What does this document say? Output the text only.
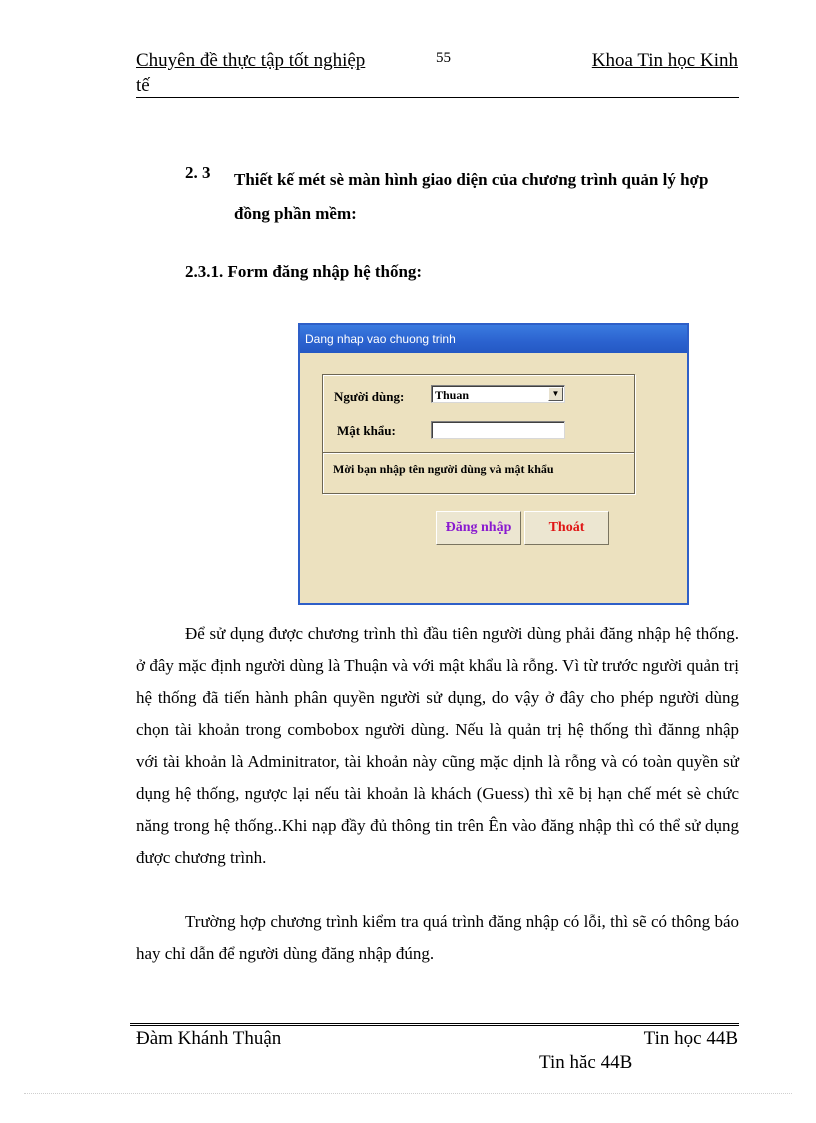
Chuyên đề thực tập tốt nghiệp	55	Khoa Tin học Kinh
tế
2. 3 Thiết kế mét sè màn hình giao diện của chương trình quản lý hợp đồng phần mềm:
2.3.1. Form đăng nhập hệ thống:
Dang nhap vao chuong trinh
Người dùng:	Thuan	▼
Mật khẩu:
Mời bạn nhập tên người dùng và mật khẩu
Đăng nhập	Thoát
Để sử dụng được chương trình thì đầu tiên người dùng phải đăng nhập hệ thống. ở đây mặc định người dùng là Thuận và với mật khẩu là rỗng. Vì từ trước người quản trị hệ thống đã tiến hành phân quyền người sử dụng, do vậy ở đây cho phép người dùng chọn tài khoản trong combobox người dùng. Nếu là quản trị hệ thống thì đănng nhập với tài khoản là Adminitrator, tài khoản này cũng mặc dịnh là rỗng và có toàn quyền sử dụng hệ thống, ngược lại nếu tài khoản là khách (Guess) thì xẽ bị hạn chế mét sè chức năng trong hệ thống..Khi nạp đầy đủ thông tin trên Ên vào đăng nhập thì có thể sử dụng được chương trình.
Trường hợp chương trình kiểm tra quá trình đăng nhập có lỗi, thì sẽ có thông báo hay chỉ dẫn để người dùng đăng nhập đúng.
Đàm Khánh Thuận	Tin học 44B
Tin hăc 44B
